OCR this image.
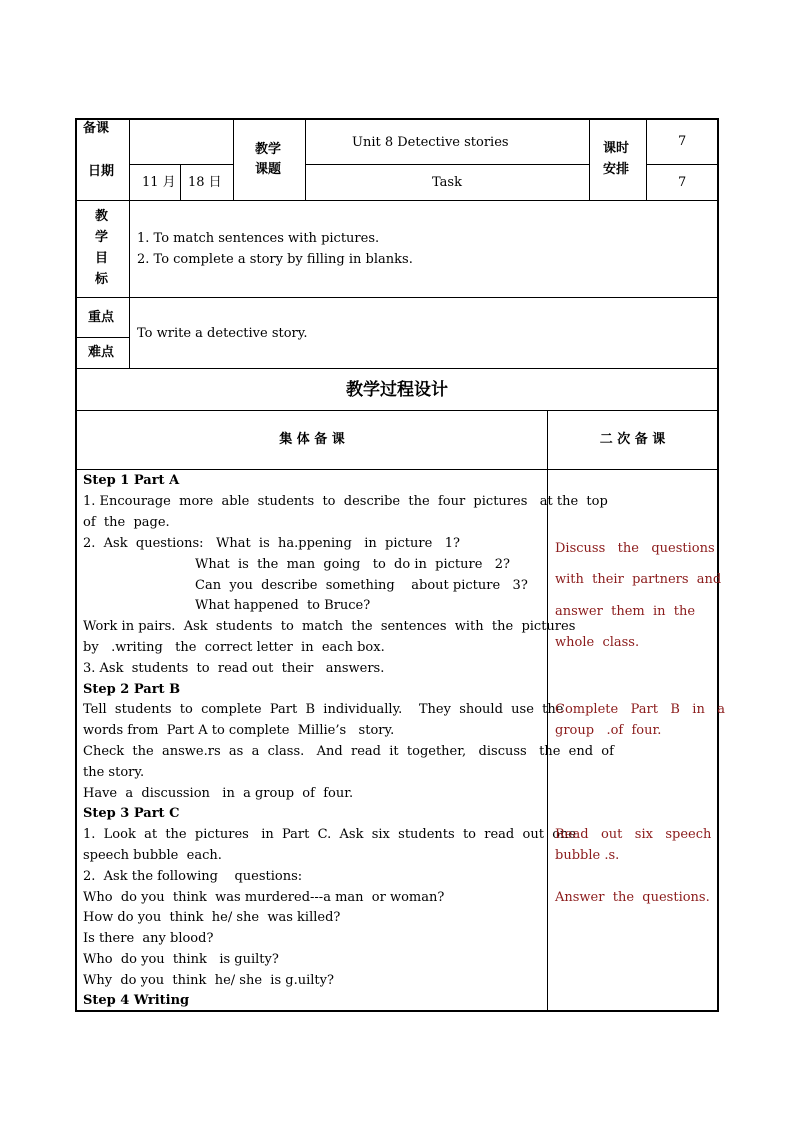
备课
日期
11 月 18 日
教学
课题
Unit 8 Detective stories
Task
课时
安排
7
7
教
学
目
标
1. To match sentences with pictures.
2. To complete a story by filling in blanks.
重点
难点
To write a detective story.
教学过程设计
集 体 备 课	二 次 备 课
Step 1 Part A
1. Encourage  more  able  students  to  describe  the  four  pictures   at the  top
of  the  page.
2.  Ask  questions:   What  is  ha.ppening   in  picture   1?
What  is  the  man  going   to  do in  picture   2?
Can  you  describe  something    about picture   3?
What happened  to Bruce?
Work in pairs.  Ask  students  to  match  the  sentences  with  the  pictures
by   .writing   the  correct letter  in  each box.
3. Ask  students  to  read out  their   answers.
Step 2 Part B
Tell  students  to  complete  Part  B  individually.    They  should  use  the
words from  Part A to complete  Millie’s   story.
Check  the  answe.rs  as  a  class.   And  read  it  together,   discuss   the  end  of
the story.
Have  a  discussion   in  a group  of  four.
Step 3 Part C
1.  Look  at  the  pictures   in  Part  C.  Ask  six  students  to  read  out  one
speech bubble  each.
2.  Ask the following    questions:
Who  do you  think  was murdered---a man  or woman?
How do you  think  he/ she  was killed?
Is there  any blood?
Who  do you  think   is guilty?
Why  do you  think  he/ she  is g.uilty?
Step 4 Writing
Discuss   the   questions
with  their  partners  and
answer  them  in  the
whole  class.
Complete   Part   B   in   a
group   .of  four.
Read   out   six   speech
bubble .s.
Answer  the  questions.
